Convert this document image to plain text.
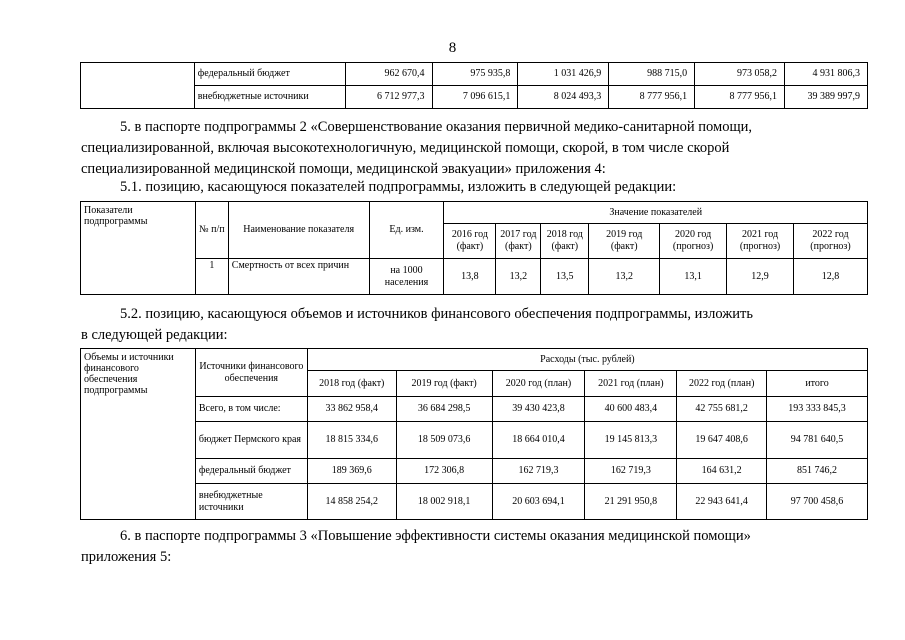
8
	федеральный бюджет	962 670,4	975 935,8	1 031 426,9	988 715,0	973 058,2	4 931 806,3
	внебюджетные источники	6 712 977,3	7 096 615,1	8 024 493,3	8 777 956,1	8 777 956,1	39 389 997,9
5. в паспорте подпрограммы 2 «Совершенствование оказания первичной медико-санитарной помощи,
специализированной, включая высокотехнологичную, медицинской помощи, скорой, в том числе скорой
специализированной медицинской помощи, медицинской эвакуации» приложения 4:
5.1. позицию, касающуюся показателей подпрограммы, изложить в следующей редакции:
Показатели подпрограммы	№ п/п	Наименование показателя	Ед. изм.	Значение показателей						
				2016 год (факт)	2017 год (факт)	2018 год (факт)	2019 год (факт)	2020 год (прогноз)	2021 год (прогноз)	2022 год (прогноз)
	1	Смертность от всех причин	на 1000 населения	13,8	13,2	13,5	13,2	13,1	12,9	12,8
5.2. позицию, касающуюся объемов и источников финансового обеспечения подпрограммы, изложить
в следующей редакции:
Объемы и источники финансового обеспечения подпрограммы	Источники финансового обеспечения	Расходы (тыс. рублей)					
		2018 год (факт)	2019 год (факт)	2020 год (план)	2021 год (план)	2022 год (план)	итого
	Всего, в том числе:	33 862 958,4	36 684 298,5	39 430 423,8	40 600 483,4	42 755 681,2	193 333 845,3
	бюджет Пермского края	18 815 334,6	18 509 073,6	18 664 010,4	19 145 813,3	19 647 408,6	94 781 640,5
	федеральный бюджет	189 369,6	172 306,8	162 719,3	162 719,3	164 631,2	851 746,2
	внебюджетные источники	14 858 254,2	18 002 918,1	20 603 694,1	21 291 950,8	22 943 641,4	97 700 458,6
6. в паспорте подпрограммы 3 «Повышение эффективности системы оказания медицинской помощи»
приложения 5:
